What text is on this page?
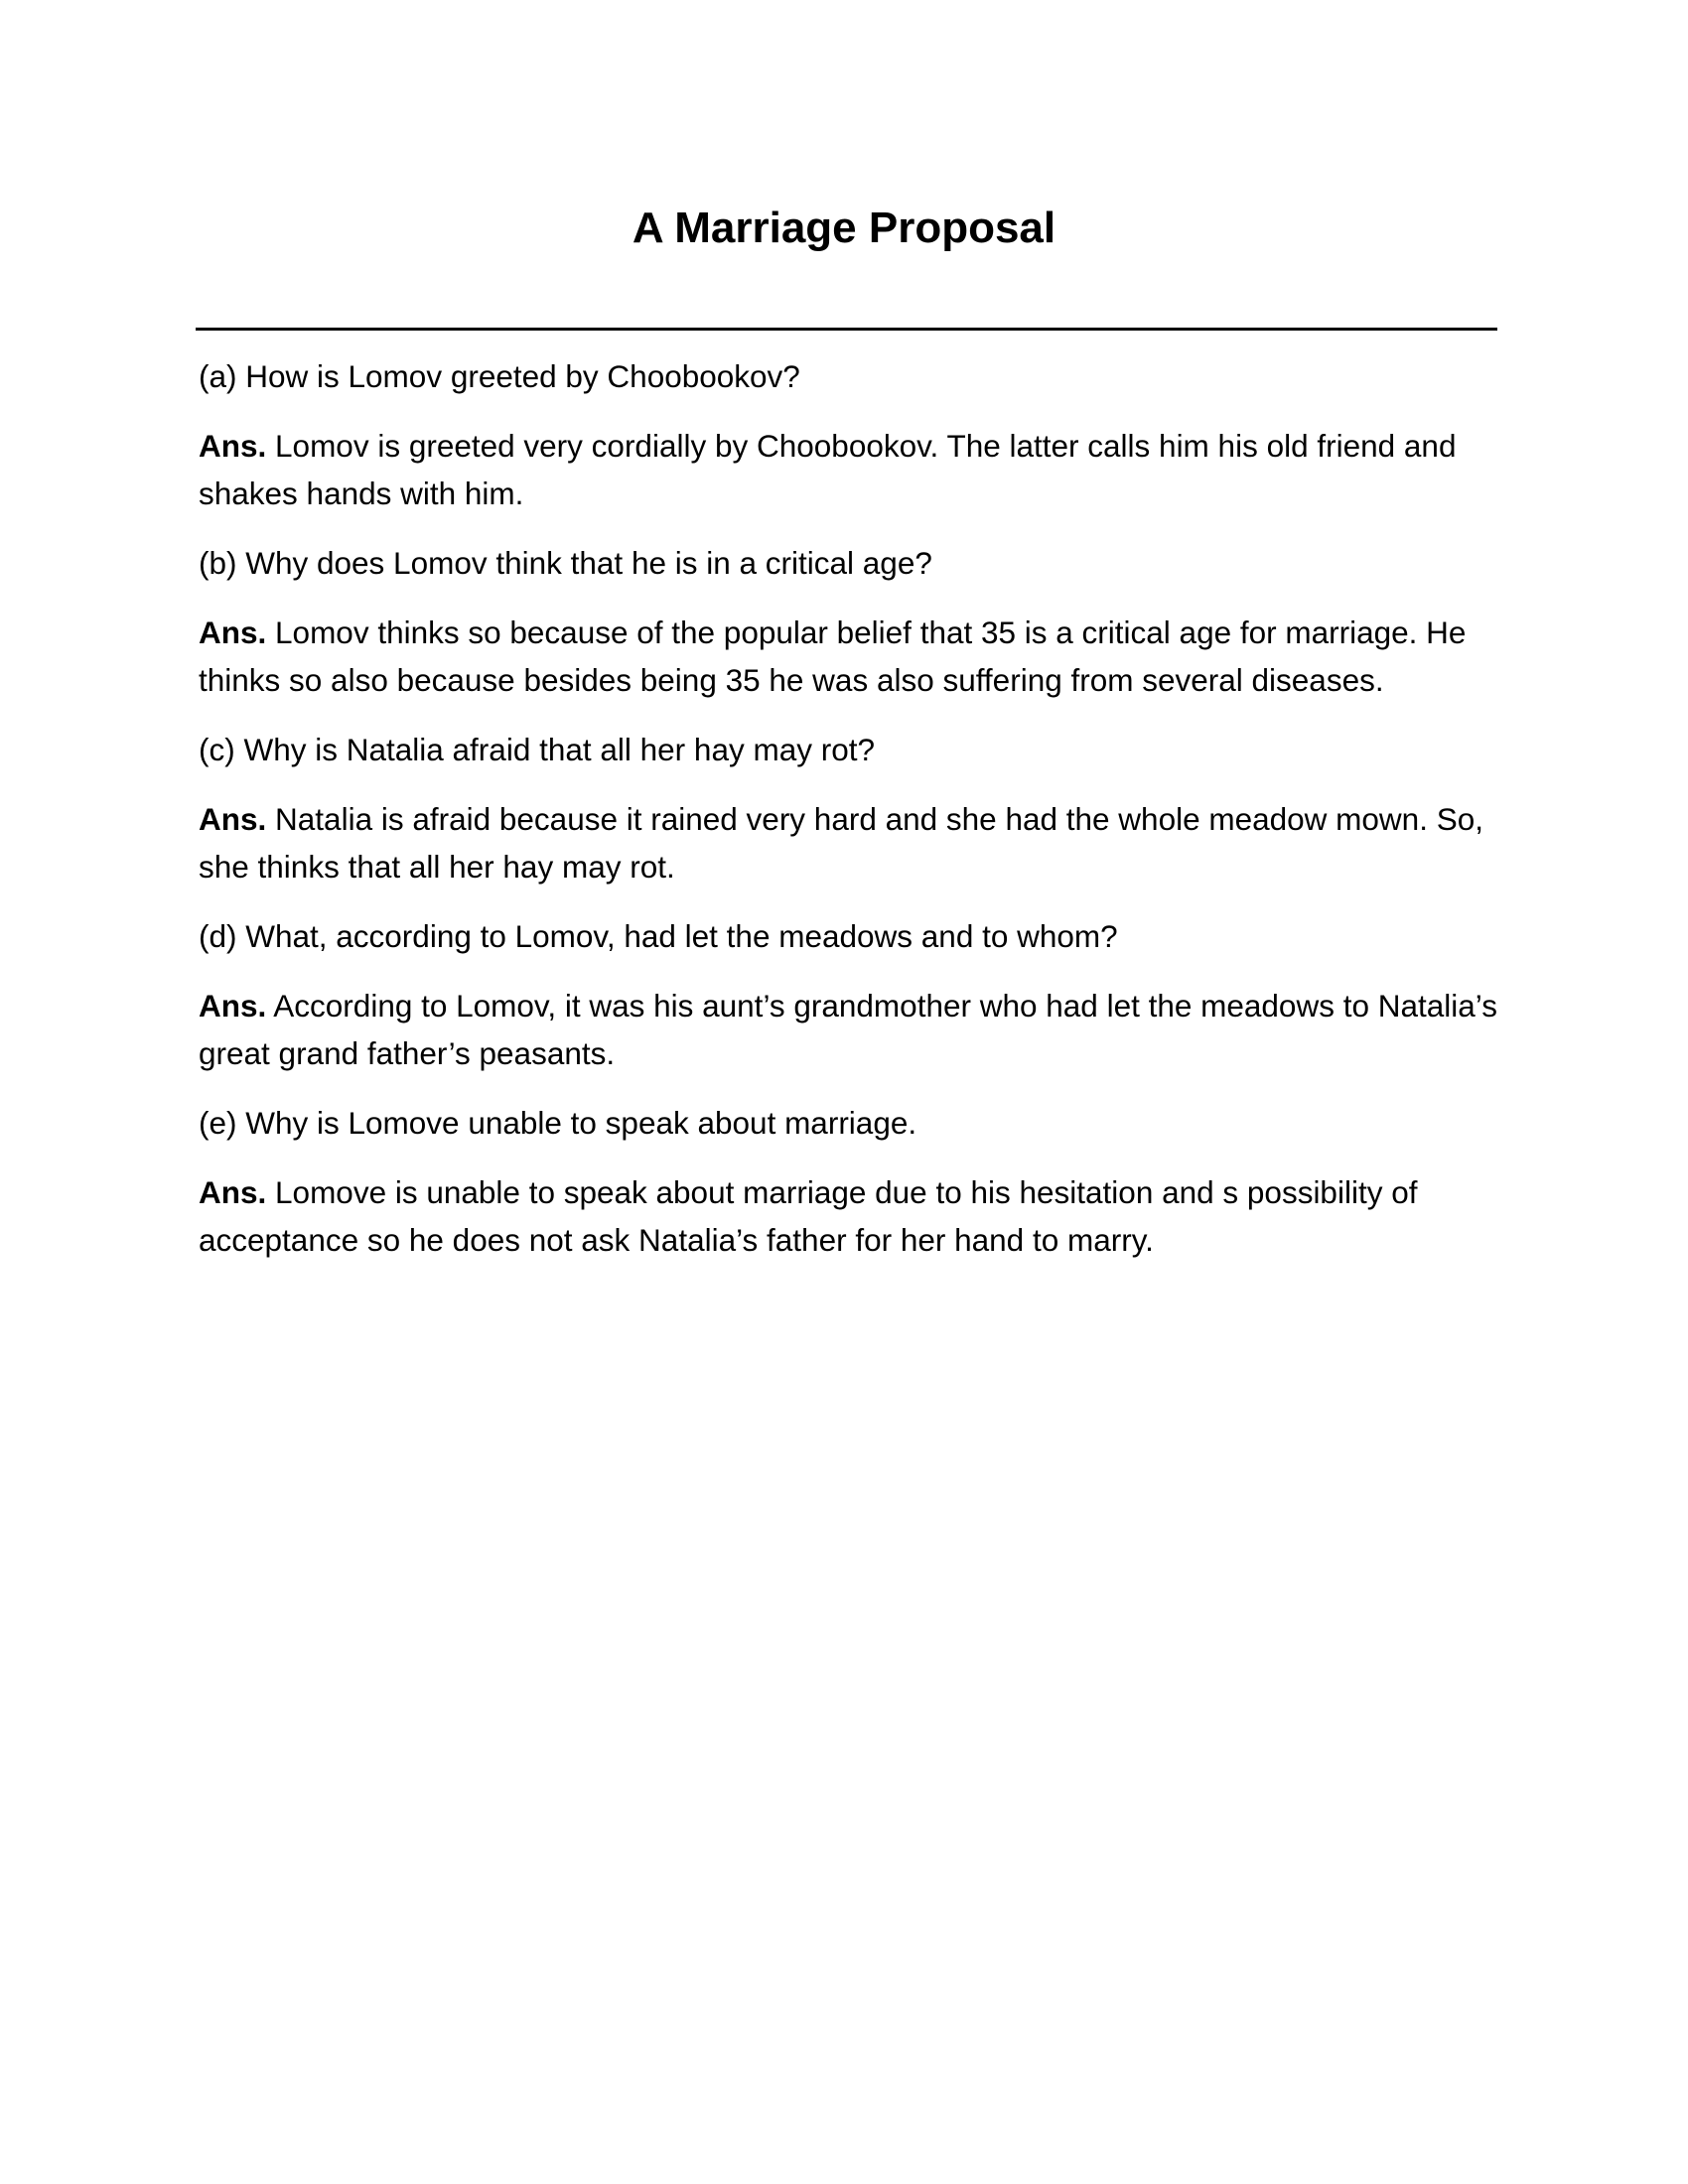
A Marriage Proposal

(a) How is Lomov greeted by Choobookov?

Ans. Lomov is greeted very cordially by Choobookov. The latter calls him his old friend and shakes hands with him.

(b) Why does Lomov think that he is in a critical age?

Ans. Lomov thinks so because of the popular belief that 35 is a critical age for marriage. He thinks so also because besides being 35 he was also suffering from several diseases.

(c) Why is Natalia afraid that all her hay may rot?

Ans. Natalia is afraid because it rained very hard and she had the whole meadow mown. So, she thinks that all her hay may rot.

(d) What, according to Lomov, had let the meadows and to whom?

Ans. According to Lomov, it was his aunt’s grandmother who had let the meadows to Natalia’s great grand father’s peasants.

(e) Why is Lomove unable to speak about marriage.

Ans. Lomove is unable to speak about marriage due to his hesitation and s possibility of acceptance so he does not ask Natalia’s father for her hand to marry.
